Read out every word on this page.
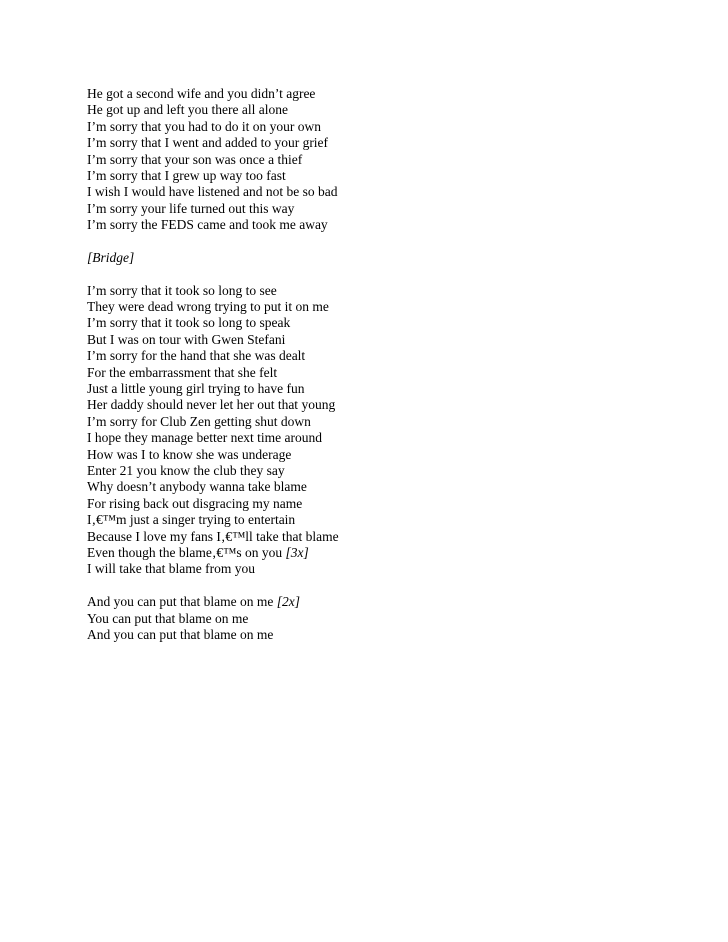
He got a second wife and you didn’t agree
He got up and left you there all alone
I’m sorry that you had to do it on your own
I’m sorry that I went and added to your grief
I’m sorry that your son was once a thief
I’m sorry that I grew up way too fast
I wish I would have listened and not be so bad
I’m sorry your life turned out this way
I’m sorry the FEDS came and took me away
[Bridge]
I’m sorry that it took so long to see
They were dead wrong trying to put it on me
I’m sorry that it took so long to speak
But I was on tour with Gwen Stefani
I’m sorry for the hand that she was dealt
For the embarrassment that she felt
Just a little young girl trying to have fun
Her daddy should never let her out that young
I’m sorry for Club Zen getting shut down
I hope they manage better next time around
How was I to know she was underage
Enter 21 you know the club they say
Why doesn’t anybody wanna take blame
For rising back out disgracing my name
I‚€™m just a singer trying to entertain
Because I love my fans I‚€™ll take that blame
Even though the blame‚€™s on you [3x]
I will take that blame from you
And you can put that blame on me [2x]
You can put that blame on me
And you can put that blame on me
